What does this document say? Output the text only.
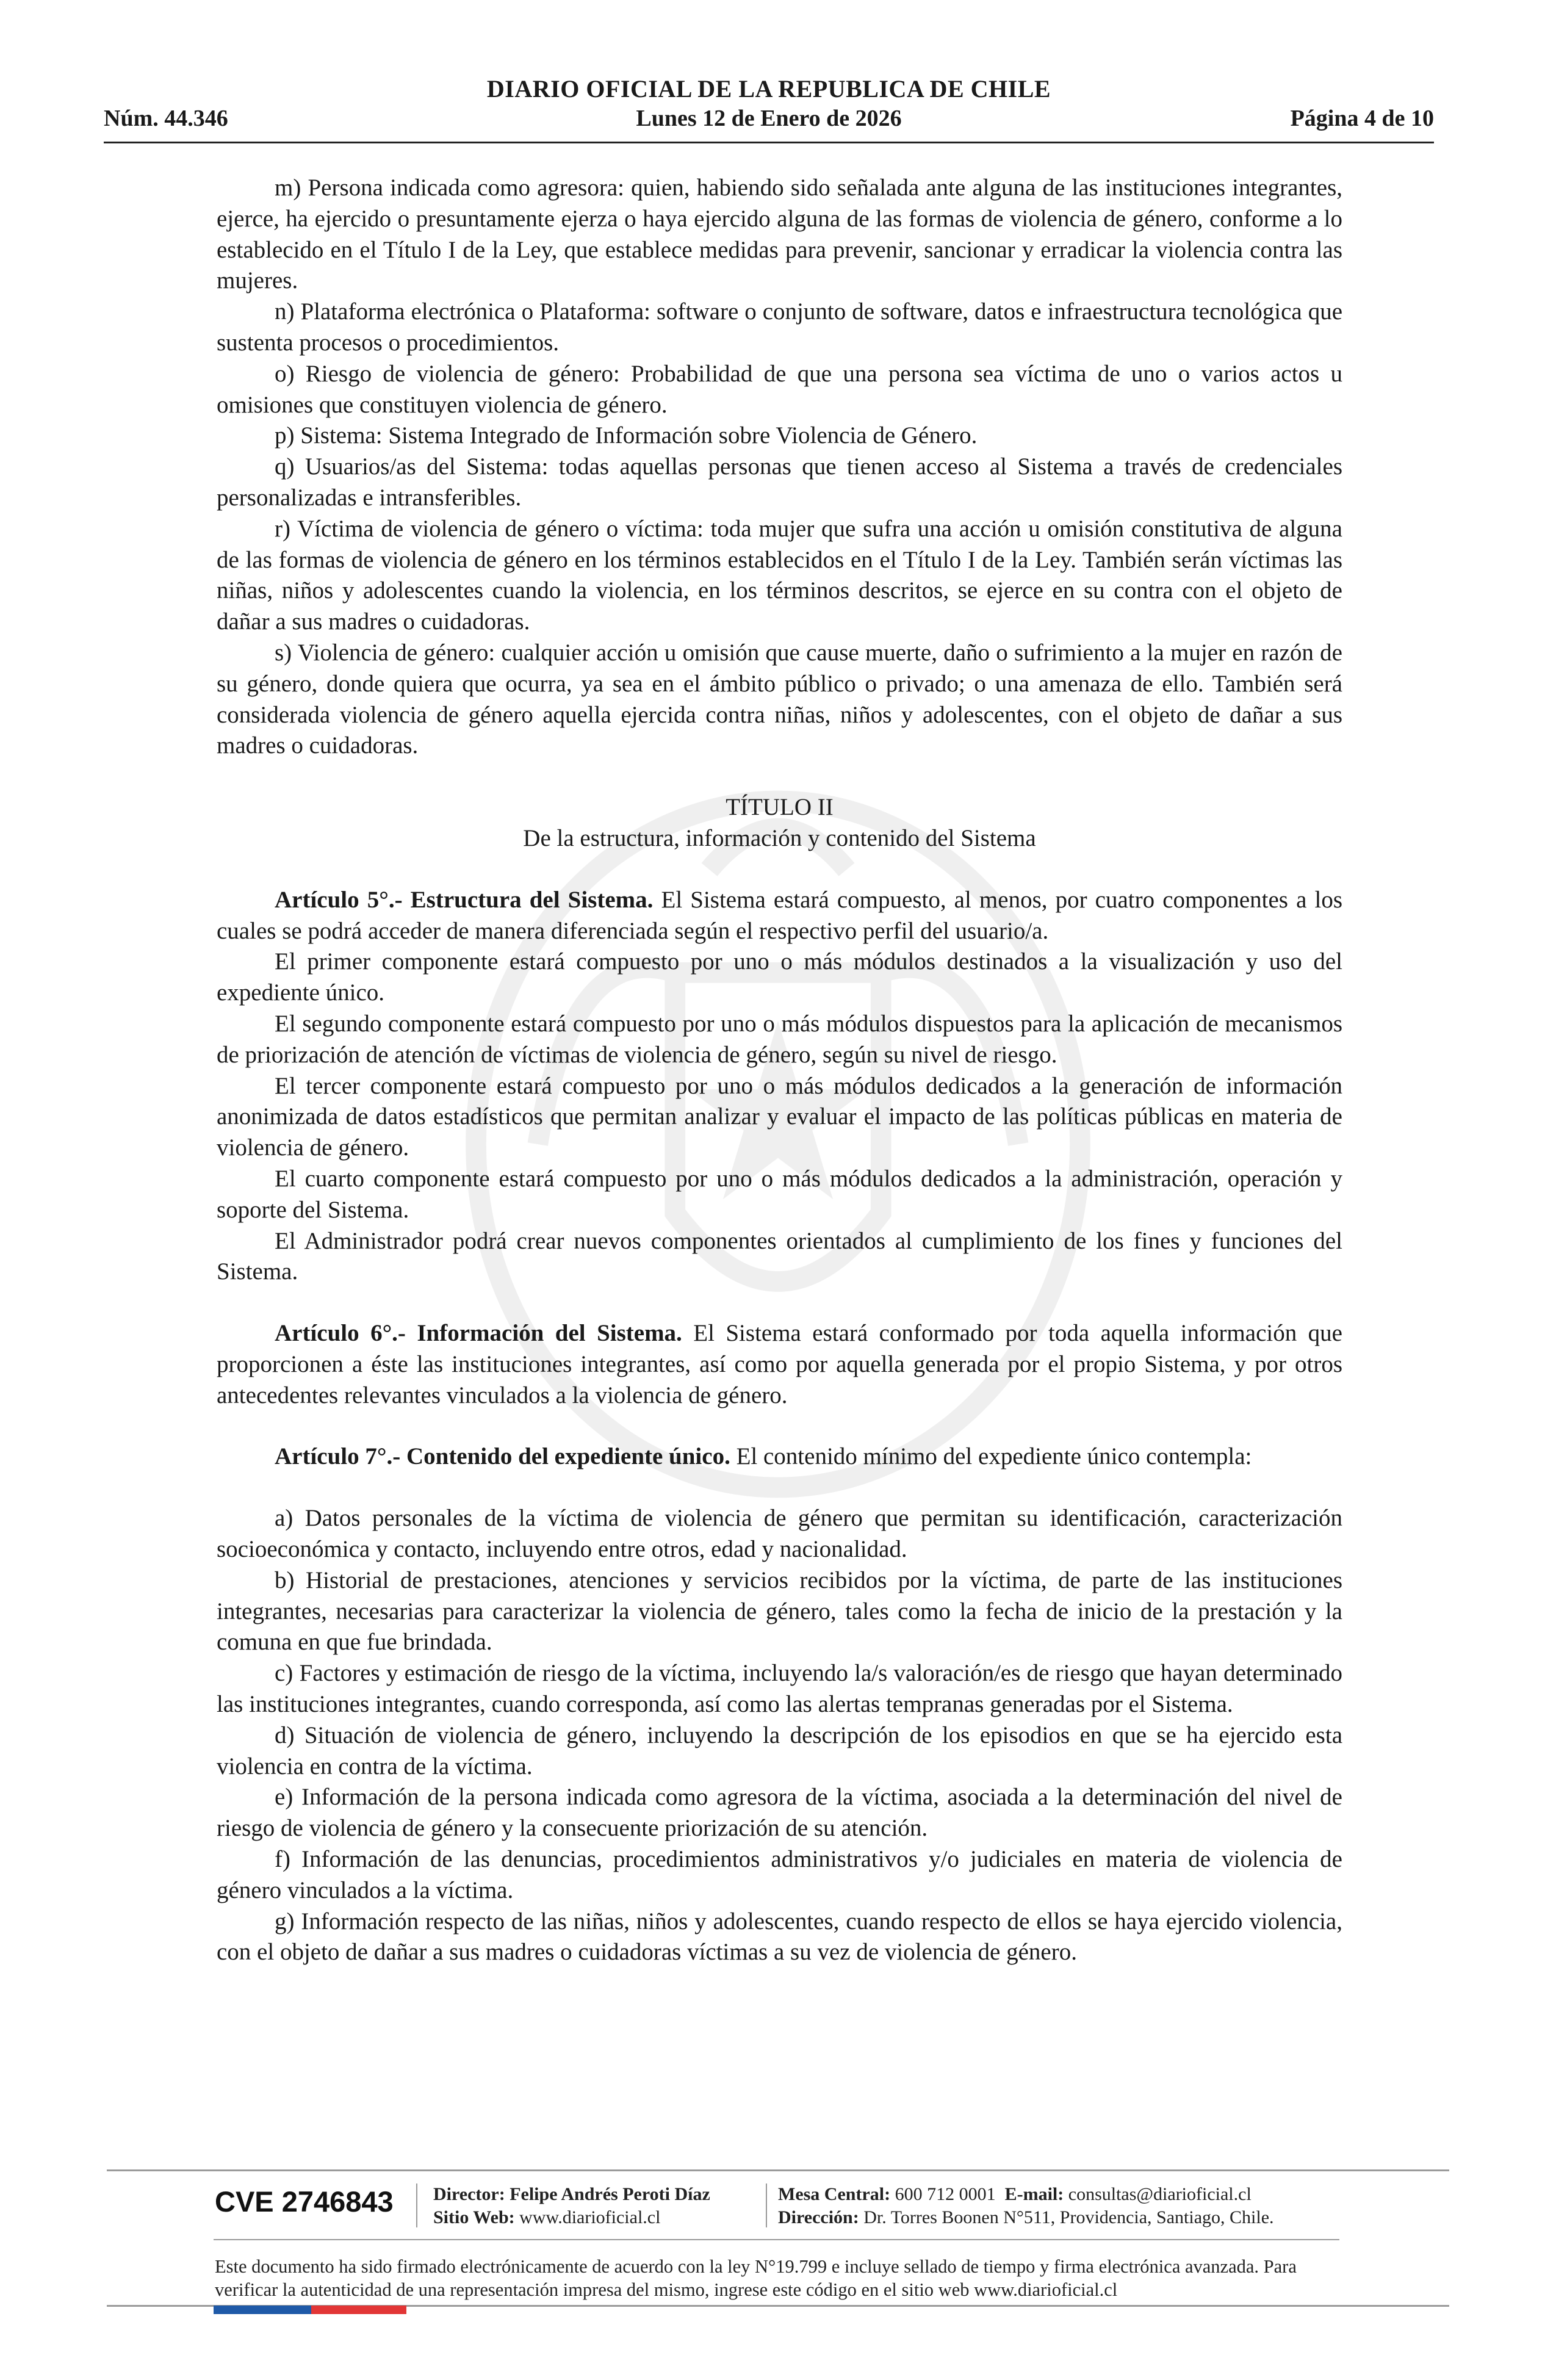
DIARIO OFICIAL DE LA REPUBLICA DE CHILE
Núm. 44.346	Lunes 12 de Enero de 2026	Página 4 de 10

m) Persona indicada como agresora: quien, habiendo sido señalada ante alguna de las instituciones integrantes, ejerce, ha ejercido o presuntamente ejerza o haya ejercido alguna de las formas de violencia de género, conforme a lo establecido en el Título I de la Ley, que establece medidas para prevenir, sancionar y erradicar la violencia contra las mujeres.

n) Plataforma electrónica o Plataforma: software o conjunto de software, datos e infraestructura tecnológica que sustenta procesos o procedimientos.

o) Riesgo de violencia de género: Probabilidad de que una persona sea víctima de uno o varios actos u omisiones que constituyen violencia de género.

p) Sistema: Sistema Integrado de Información sobre Violencia de Género.

q) Usuarios/as del Sistema: todas aquellas personas que tienen acceso al Sistema a través de credenciales personalizadas e intransferibles.

r) Víctima de violencia de género o víctima: toda mujer que sufra una acción u omisión constitutiva de alguna de las formas de violencia de género en los términos establecidos en el Título I de la Ley. También serán víctimas las niñas, niños y adolescentes cuando la violencia, en los términos descritos, se ejerce en su contra con el objeto de dañar a sus madres o cuidadoras.

s) Violencia de género: cualquier acción u omisión que cause muerte, daño o sufrimiento a la mujer en razón de su género, donde quiera que ocurra, ya sea en el ámbito público o privado; o una amenaza de ello. También será considerada violencia de género aquella ejercida contra niñas, niños y adolescentes, con el objeto de dañar a sus madres o cuidadoras.

TÍTULO II

De la estructura, información y contenido del Sistema

Artículo 5°.- Estructura del Sistema. El Sistema estará compuesto, al menos, por cuatro componentes a los cuales se podrá acceder de manera diferenciada según el respectivo perfil del usuario/a.

El primer componente estará compuesto por uno o más módulos destinados a la visualización y uso del expediente único.

El segundo componente estará compuesto por uno o más módulos dispuestos para la aplicación de mecanismos de priorización de atención de víctimas de violencia de género, según su nivel de riesgo.

El tercer componente estará compuesto por uno o más módulos dedicados a la generación de información anonimizada de datos estadísticos que permitan analizar y evaluar el impacto de las políticas públicas en materia de violencia de género.

El cuarto componente estará compuesto por uno o más módulos dedicados a la administración, operación y soporte del Sistema.

El Administrador podrá crear nuevos componentes orientados al cumplimiento de los fines y funciones del Sistema.

Artículo 6°.- Información del Sistema. El Sistema estará conformado por toda aquella información que proporcionen a éste las instituciones integrantes, así como por aquella generada por el propio Sistema, y por otros antecedentes relevantes vinculados a la violencia de género.

Artículo 7°.- Contenido del expediente único. El contenido mínimo del expediente único contempla:

a) Datos personales de la víctima de violencia de género que permitan su identificación, caracterización socioeconómica y contacto, incluyendo entre otros, edad y nacionalidad.

b) Historial de prestaciones, atenciones y servicios recibidos por la víctima, de parte de las instituciones integrantes, necesarias para caracterizar la violencia de género, tales como la fecha de inicio de la prestación y la comuna en que fue brindada.

c) Factores y estimación de riesgo de la víctima, incluyendo la/s valoración/es de riesgo que hayan determinado las instituciones integrantes, cuando corresponda, así como las alertas tempranas generadas por el Sistema.

d) Situación de violencia de género, incluyendo la descripción de los episodios en que se ha ejercido esta violencia en contra de la víctima.

e) Información de la persona indicada como agresora de la víctima, asociada a la determinación del nivel de riesgo de violencia de género y la consecuente priorización de su atención.

f) Información de las denuncias, procedimientos administrativos y/o judiciales en materia de violencia de género vinculados a la víctima.

g) Información respecto de las niñas, niños y adolescentes, cuando respecto de ellos se haya ejercido violencia, con el objeto de dañar a sus madres o cuidadoras víctimas a su vez de violencia de género.

CVE 2746843 Director: Felipe Andrés Peroti Díaz
Sitio Web: www.diarioficial.cl
Mesa Central: 600 712 0001 E-mail: consultas@diarioficial.cl
Dirección: Dr. Torres Boonen N°511, Providencia, Santiago, Chile.
Este documento ha sido firmado electrónicamente de acuerdo con la ley N°19.799 e incluye sellado de tiempo y firma electrónica avanzada. Para verificar la autenticidad de una representación impresa del mismo, ingrese este código en el sitio web www.diarioficial.cl
